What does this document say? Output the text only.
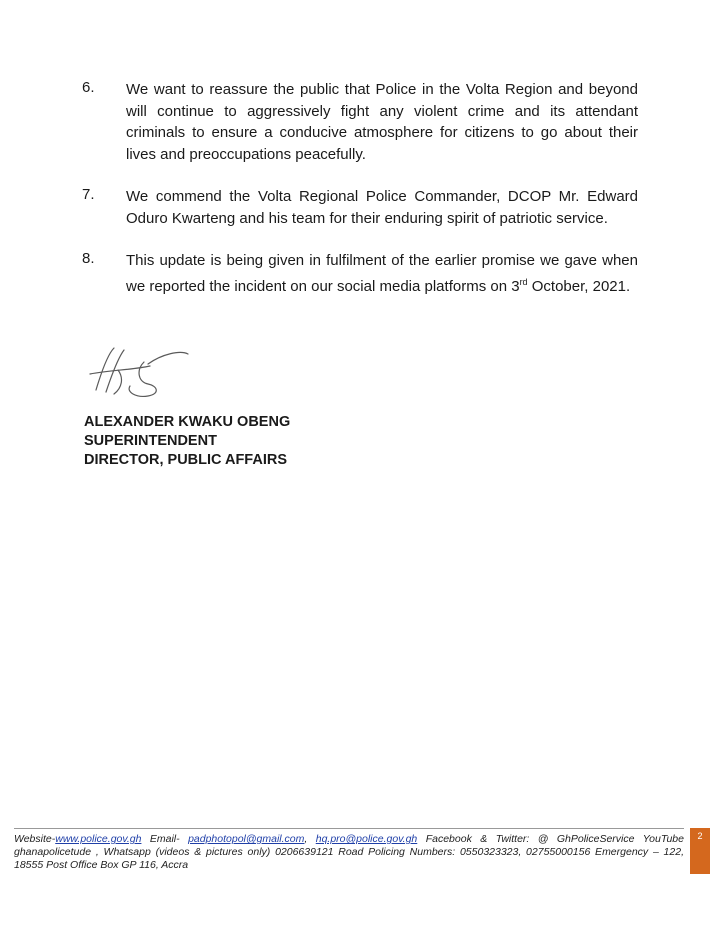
6. We want to reassure the public that Police in the Volta Region and beyond will continue to aggressively fight any violent crime and its attendant criminals to ensure a conducive atmosphere for citizens to go about their lives and preoccupations peacefully.
7. We commend the Volta Regional Police Commander, DCOP Mr. Edward Oduro Kwarteng and his team for their enduring spirit of patriotic service.
8. This update is being given in fulfilment of the earlier promise we gave when we reported the incident on our social media platforms on 3rd October, 2021.
ALEXANDER KWAKU OBENG
SUPERINTENDENT
DIRECTOR, PUBLIC AFFAIRS
Website-www.police.gov.gh Email- padphotopol@gmail.com, hq.pro@police.gov.gh Facebook & Twitter: @ GhPoliceService YouTube ghanapolicetude , Whatsapp (videos & pictures only) 0206639121 Road Policing Numbers: 0550323323, 02755000156 Emergency – 122, 18555 Post Office Box GP 116, Accra
2
